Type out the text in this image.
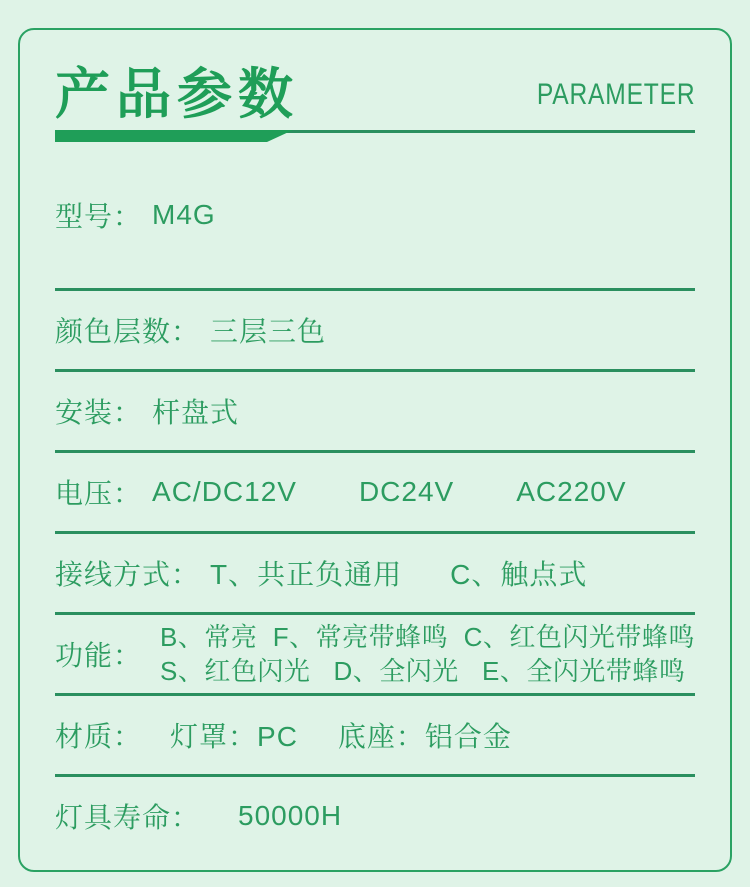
产品参数	PARAMETER
型号： M4G
颜色层数： 三层三色
安装： 杆盘式
电压： AC/DC12V DC24V AC220V
接线方式： T、共正负通用 C、触点式
功能：
B、常亮  F、常亮带蜂鸣  C、红色闪光带蜂鸣
S、红色闪光   D、全闪光   E、全闪光带蜂鸣
材质： 灯罩：PC 底座：铝合金
灯具寿命： 50000H
